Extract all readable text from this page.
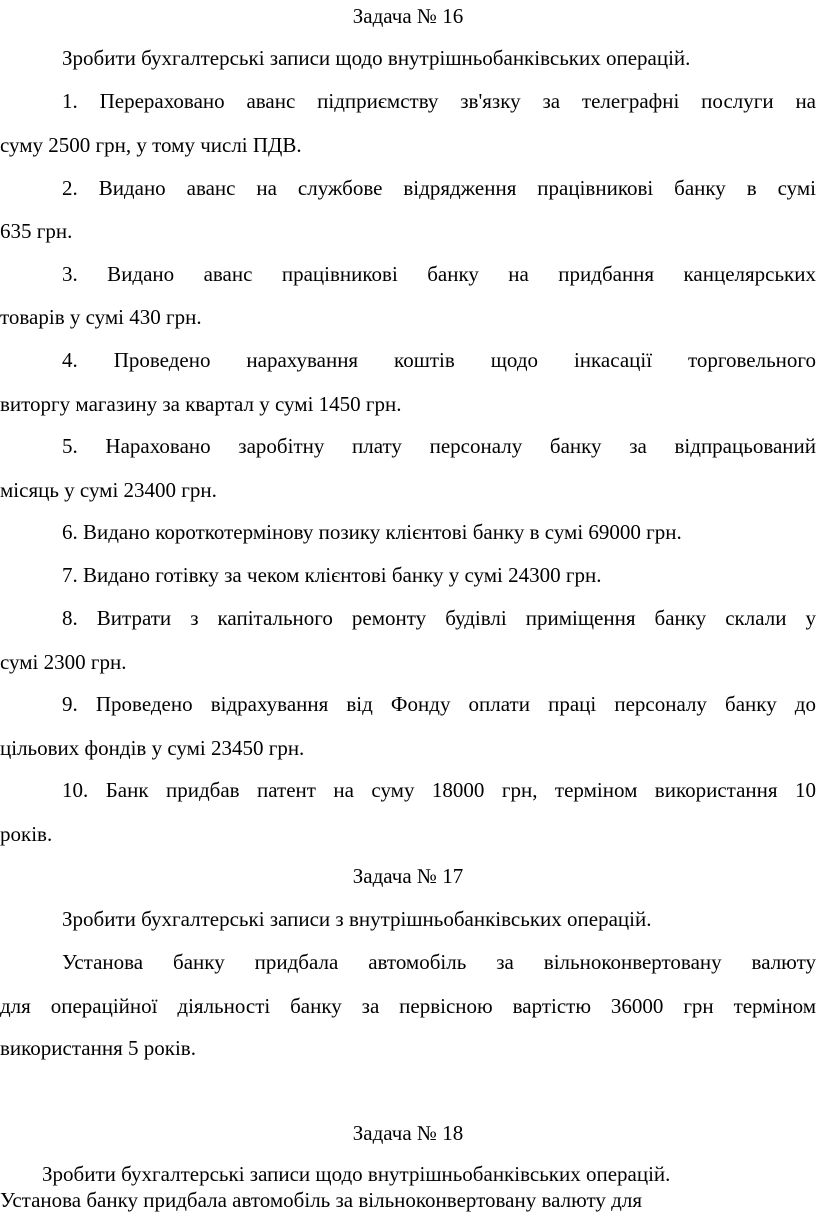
Задача № 16
Зробити бухгалтерські записи щодо внутрішньобанківських операцій.
1. Перераховано аванс підприємству зв'язку за телеграфні послуги на
суму 2500 грн, у тому числі ПДВ.
2. Видано аванс на службове відрядження працівникові банку в сумі
635 грн.
3. Видано аванс працівникові банку на придбання канцелярських
товарів у сумі 430 грн.
4. Проведено нарахування коштів щодо інкасації торговельного
виторгу магазину за квартал у сумі 1450 грн.
5. Нараховано заробітну плату персоналу банку за відпрацьований
місяць у сумі 23400 грн.
6. Видано короткотермінову позику клієнтові банку в сумі 69000 грн.
7. Видано готівку за чеком клієнтові банку у сумі 24300 грн.
8. Витрати з капітального ремонту будівлі приміщення банку склали у
сумі 2300 грн.
9. Проведено відрахування від Фонду оплати праці персоналу банку до
цільових фондів у сумі 23450 грн.
10. Банк придбав патент на суму 18000 грн, терміном використання 10
років.
Задача № 17
Зробити бухгалтерські записи з внутрішньобанківських операцій.
Установа банку придбала автомобіль за вільноконвертовану валюту
для операційної діяльності банку за первісною вартістю 36000 грн терміном
використання 5 років.
Задача № 18
Зробити бухгалтерські записи щодо внутрішньобанківських операцій.
Установа банку придбала автомобіль за вільноконвертовану валюту для
